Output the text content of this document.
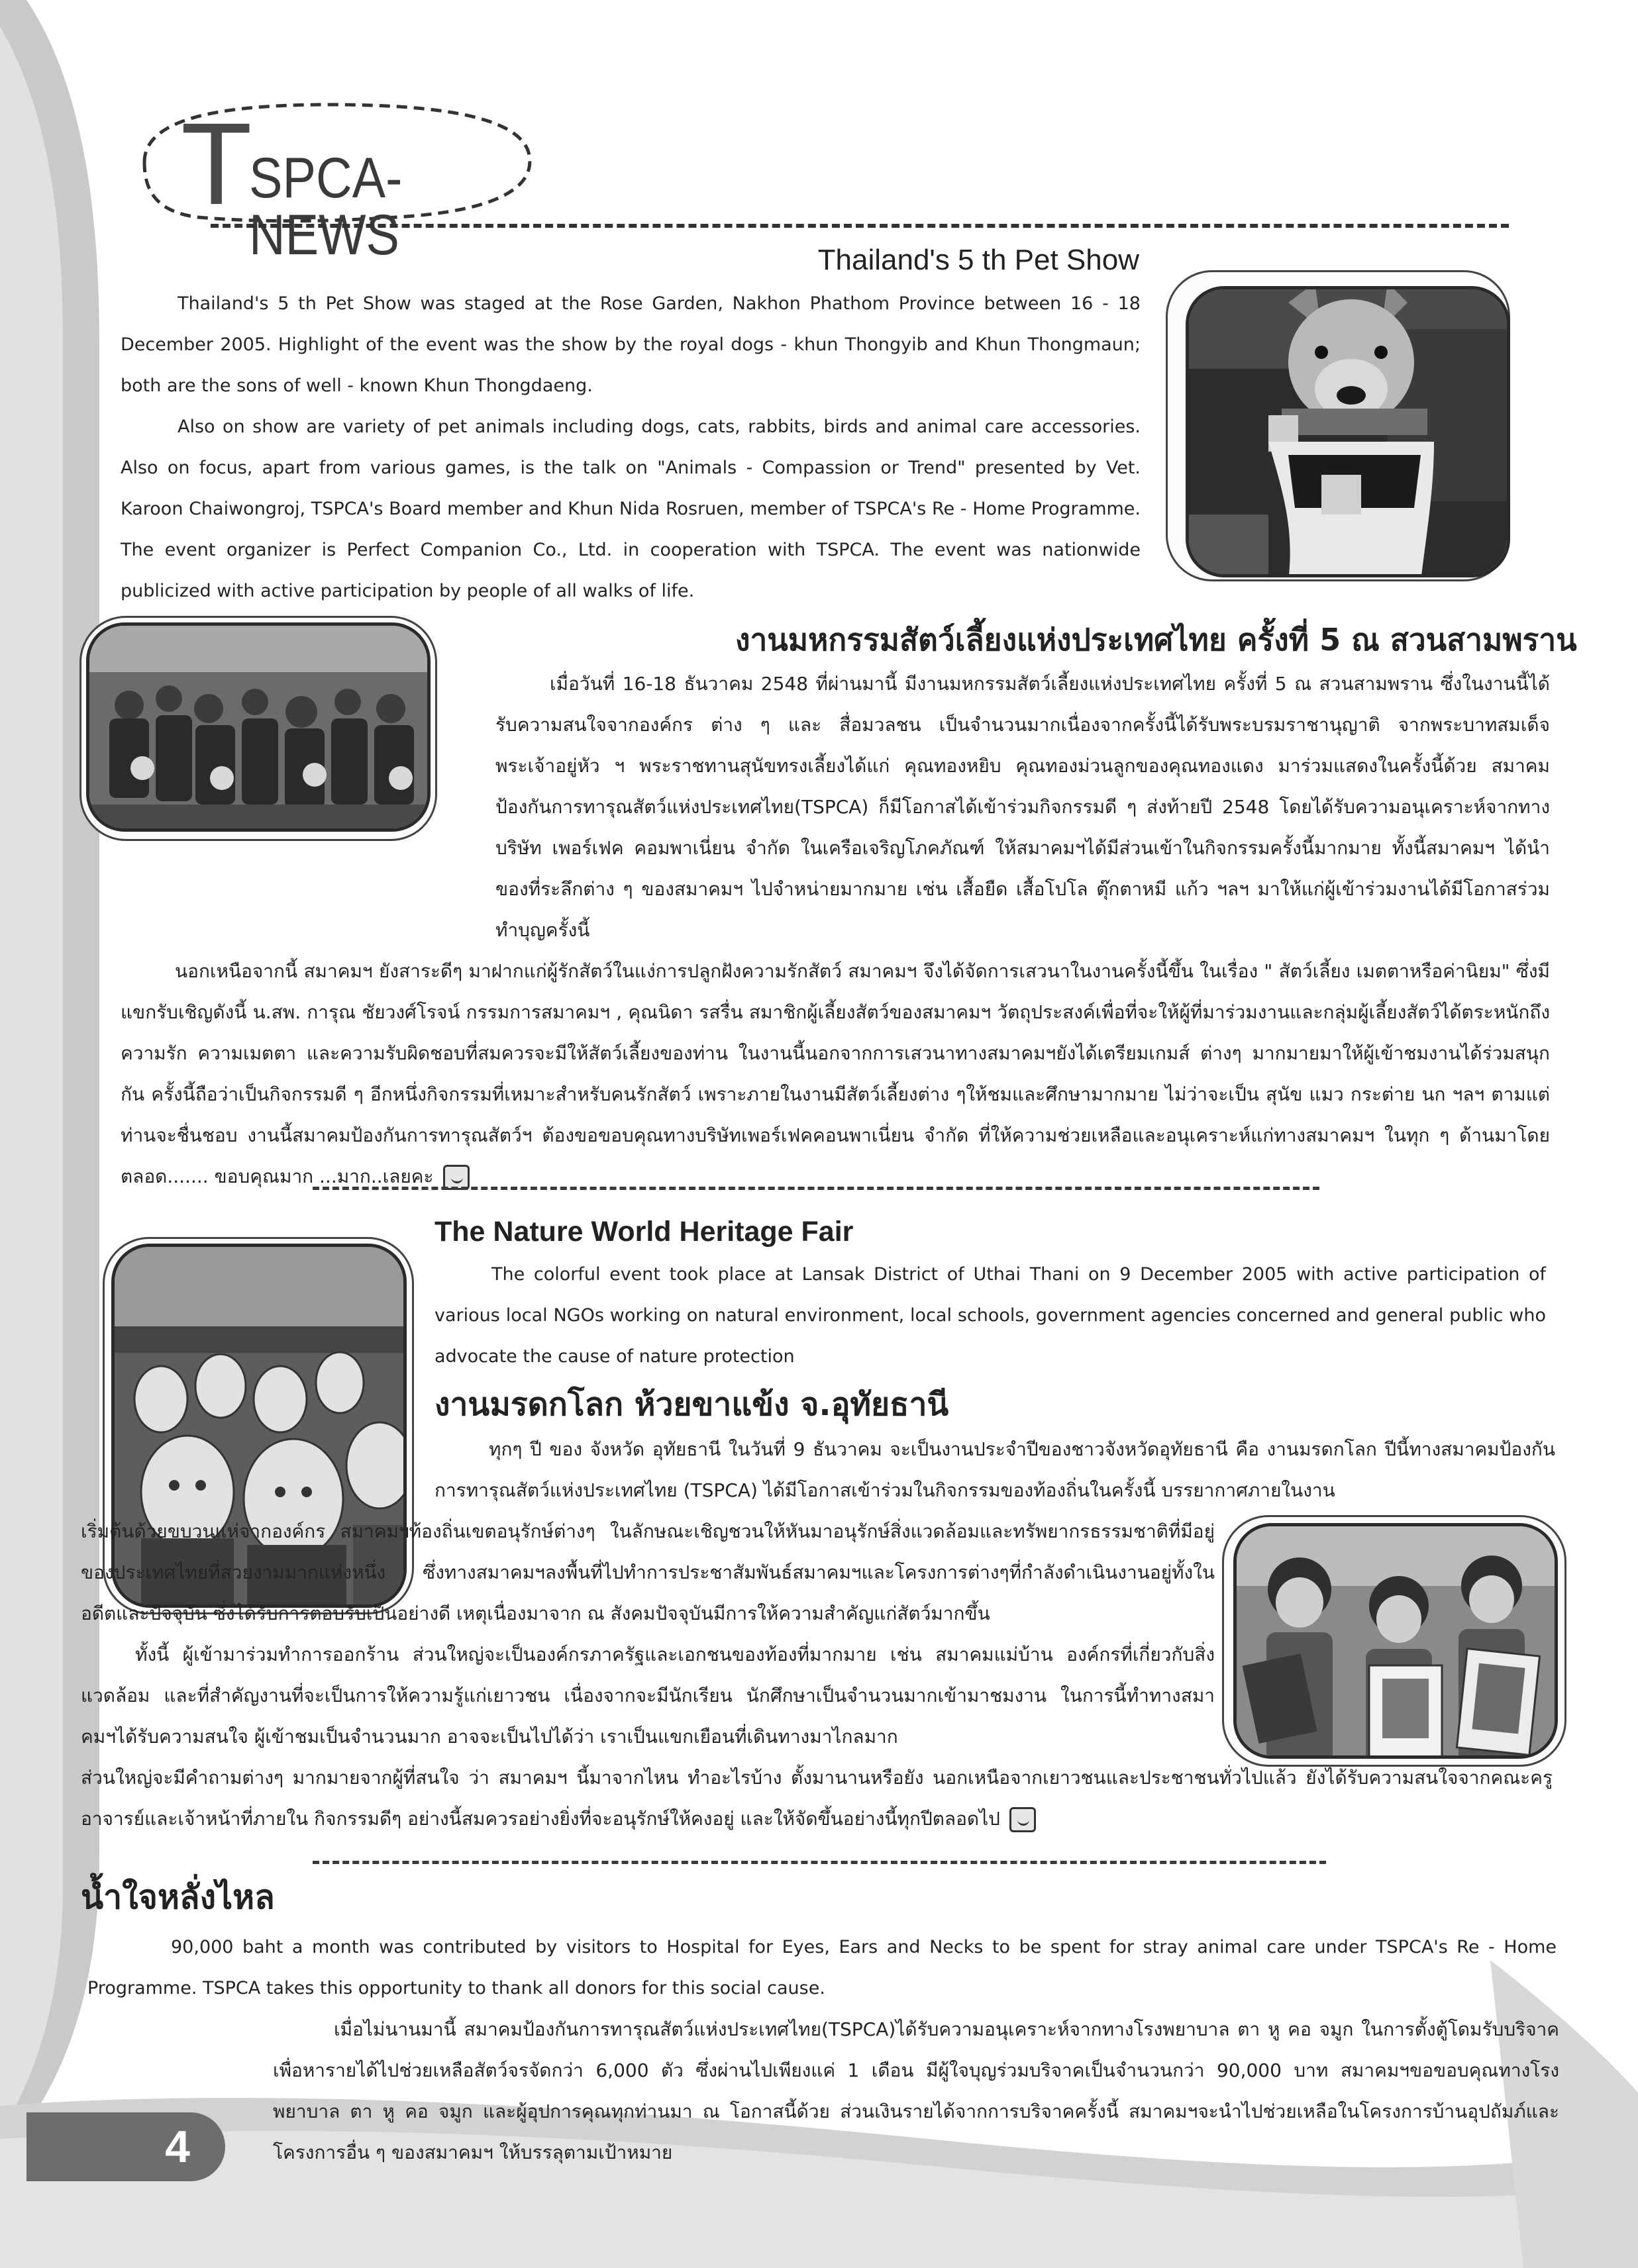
T
SPCA-NEWS	Thailand's 5 th Pet Show

Thailand's 5 th Pet Show was staged at the Rose Garden, Nakhon Phathom Province between 16 - 18 December 2005. Highlight of the event was the show by the royal dogs - khun Thongyib and Khun Thongmaun; both are the sons of well - known Khun Thongdaeng.

Also on show are variety of pet animals including dogs, cats, rabbits, birds and animal care accessories. Also on focus, apart from various games, is the talk on "Animals - Compassion or Trend" presented by Vet. Karoon Chaiwongroj, TSPCA's Board member and Khun Nida Rosruen, member of TSPCA's Re - Home Programme. The event organizer is Perfect Companion Co., Ltd. in cooperation with TSPCA. The event was nationwide publicized with active participation by people of all walks of life.

งานมหกรรมสัตว์เลี้ยงแห่งประเทศไทย ครั้งที่ 5 ณ สวนสามพราน

เมื่อวันที่ 16-18 ธันวาคม 2548 ที่ผ่านมานี้ มีงานมหกรรมสัตว์เลี้ยงแห่งประเทศไทย ครั้งที่ 5 ณ สวนสามพราน ซึ่งในงานนี้ได้รับความสนใจจากองค์กร ต่าง ๆ และ สื่อมวลชน เป็นจำนวนมากเนื่องจากครั้งนี้ได้รับพระบรมราชานุญาติ จากพระบาทสมเด็จพระเจ้าอยู่หัว ฯ พระราชทานสุนัขทรงเลี้ยงได้แก่ คุณทองหยิบ คุณทองม่วนลูกของคุณทองแดง มาร่วมแสดงในครั้งนี้ด้วย สมาคมป้องกันการทารุณสัตว์แห่งประเทศไทย(TSPCA) ก็มีโอกาสได้เข้าร่วมกิจกรรมดี ๆ ส่งท้ายปี 2548 โดยได้รับความอนุเคราะห์จากทางบริษัท เพอร์เฟค คอมพาเนี่ยน จำกัด ในเครือเจริญโภคภัณฑ์ ให้สมาคมฯได้มีส่วนเข้าในกิจกรรมครั้งนี้มากมาย ทั้งนี้สมาคมฯ ได้นำของที่ระลึกต่าง ๆ ของสมาคมฯ ไปจำหน่ายมากมาย เช่น เสื้อยืด เสื้อโปโล ตุ๊กตาหมี แก้ว ฯลฯ มาให้แก่ผู้เข้าร่วมงานได้มีโอกาสร่วมทำบุญครั้งนี้

นอกเหนือจากนี้ สมาคมฯ ยังสาระดีๆ มาฝากแก่ผู้รักสัตว์ในแง่การปลูกฝังความรักสัตว์ สมาคมฯ จึงได้จัดการเสวนาในงานครั้งนี้ขึ้น ในเรื่อง " สัตว์เลี้ยง เมตตาหรือค่านิยม" ซึ่งมีแขกรับเชิญดังนี้ น.สพ. การุณ ชัยวงศ์โรจน์ กรรมการสมาคมฯ , คุณนิดา รสรื่น สมาชิกผู้เลี้ยงสัตว์ของสมาคมฯ วัตถุประสงค์เพื่อที่จะให้ผู้ที่มาร่วมงานและกลุ่มผู้เลี้ยงสัตว์ได้ตระหนักถึงความรัก ความเมตตา และความรับผิดชอบที่สมควรจะมีให้สัตว์เลี้ยงของท่าน ในงานนี้นอกจากการเสวนาทางสมาคมฯยังได้เตรียมเกมส์ ต่างๆ มากมายมาให้ผู้เข้าชมงานได้ร่วมสนุกกัน ครั้งนี้ถือว่าเป็นกิจกรรมดี ๆ อีกหนึ่งกิจกรรมที่เหมาะสำหรับคนรักสัตว์ เพราะภายในงานมีสัตว์เลี้ยงต่าง ๆให้ชมและศึกษามากมาย ไม่ว่าจะเป็น สุนัข แมว กระต่าย นก ฯลฯ ตามแต่ท่านจะชื่นชอบ งานนี้สมาคมป้องกันการทารุณสัตว์ฯ ต้องขอขอบคุณทางบริษัทเพอร์เฟคคอนพาเนี่ยน จำกัด ที่ให้ความช่วยเหลือและอนุเคราะห์แก่ทางสมาคมฯ ในทุก ๆ ด้านมาโดยตลอด....... ขอบคุณมาก ...มาก..เลยคะ

The Nature World Heritage Fair

The colorful event took place at Lansak District of Uthai Thani on 9 December 2005 with active participation of various local NGOs working on natural environment, local schools, government agencies concerned and general public who advocate the cause of nature protection

งานมรดกโลก ห้วยขาแข้ง จ.อุทัยธานี

ทุกๆ ปี ของ จังหวัด อุทัยธานี ในวันที่ 9 ธันวาคม จะเป็นงานประจำปีของชาวจังหวัดอุทัยธานี คือ งานมรดกโลก ปีนี้ทางสมาคมป้องกันการทารุณสัตว์แห่งประเทศไทย (TSPCA) ได้มีโอกาสเข้าร่วมในกิจกรรมของท้องถิ่นในครั้งนี้ บรรยากาศภายในงาน

เริ่มต้นด้วยขบวนแห่จากองค์กร สมาคมฯท้องถิ่นเขตอนุรักษ์ต่างๆ ในลักษณะเชิญชวนให้หันมาอนุรักษ์สิ่งแวดล้อมและทรัพยากรธรรมชาติที่มีอยู่ของประเทศไทยที่สวยงามมากแห่งหนึ่ง ซึ่งทางสมาคมฯลงพื้นที่ไปทำการประชาสัมพันธ์สมาคมฯและโครงการต่างๆที่กำลังดำเนินงานอยู่ทั้งในอดีตและปัจจุบัน ซึ่งได้รับการตอบรับเป็นอย่างดี เหตุเนื่องมาจาก ณ สังคมปัจจุบันมีการให้ความสำคัญแก่สัตว์มากขึ้น

ทั้งนี้ ผู้เข้ามาร่วมทำการออกร้าน ส่วนใหญ่จะเป็นองค์กรภาครัฐและเอกชนของท้องที่มากมาย เช่น สมาคมแม่บ้าน องค์กรที่เกี่ยวกับสิ่งแวดล้อม และที่สำคัญงานที่จะเป็นการให้ความรู้แก่เยาวชน เนื่องจากจะมีนักเรียน นักศึกษาเป็นจำนวนมากเข้ามาชมงาน ในการนี้ทำทางสมาคมฯได้รับความสนใจ ผู้เข้าชมเป็นจำนวนมาก อาจจะเป็นไปได้ว่า เราเป็นแขกเยือนที่เดินทางมาไกลมาก

ส่วนใหญ่จะมีคำถามต่างๆ มากมายจากผู้ที่สนใจ ว่า สมาคมฯ นี้มาจากไหน ทำอะไรบ้าง ตั้งมานานหรือยัง นอกเหนือจากเยาวชนและประชาชนทั่วไปแล้ว ยังได้รับความสนใจจากคณะครูอาจารย์และเจ้าหน้าที่ภายใน กิจกรรมดีๆ อย่างนี้สมควรอย่างยิ่งที่จะอนุรักษ์ให้คงอยู่ และให้จัดขึ้นอย่างนี้ทุกปีตลอดไป

น้ำใจหลั่งไหล

90,000 baht a month was contributed by visitors to Hospital for Eyes, Ears and Necks to be spent for stray animal care under TSPCA's Re - Home Programme. TSPCA takes this opportunity to thank all donors for this social cause.

เมื่อไม่นานมานี้ สมาคมป้องกันการทารุณสัตว์แห่งประเทศไทย(TSPCA)ได้รับความอนุเคราะห์จากทางโรงพยาบาล ตา หู คอ จมูก ในการตั้งตู้โดมรับบริจาค เพื่อหารายได้ไปช่วยเหลือสัตว์จรจัดกว่า 6,000 ตัว ซึ่งผ่านไปเพียงแค่ 1 เดือน มีผู้ใจบุญร่วมบริจาคเป็นจำนวนกว่า 90,000 บาท สมาคมฯขอขอบคุณทางโรงพยาบาล ตา หู คอ จมูก และผู้อุปการคุณทุกท่านมา ณ โอกาสนี้ด้วย ส่วนเงินรายได้จากการบริจาคครั้งนี้ สมาคมฯจะนำไปช่วยเหลือในโครงการบ้านอุปถัมภ์และโครงการอื่น ๆ ของสมาคมฯ ให้บรรลุตามเป้าหมาย

4
